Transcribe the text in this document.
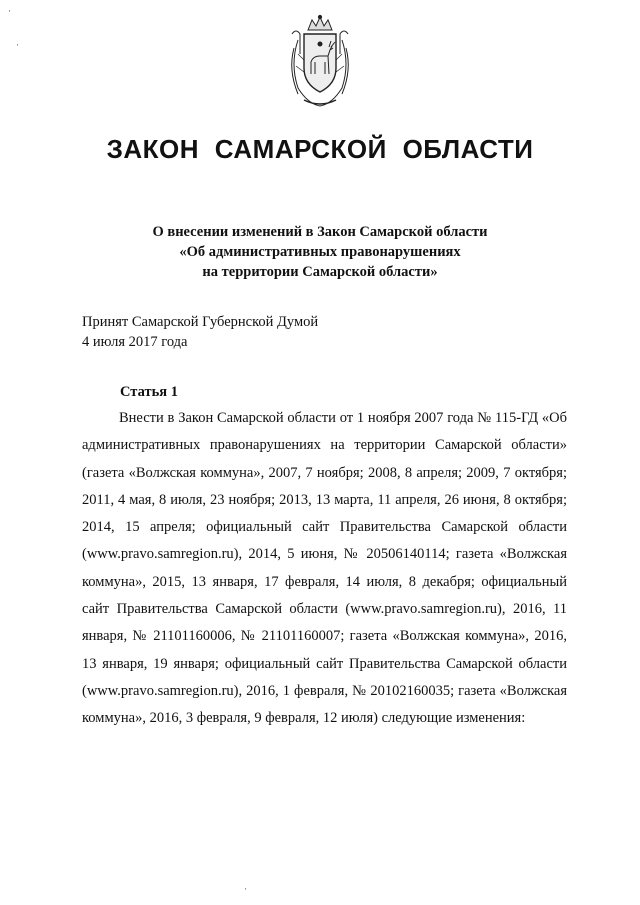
ЗАКОН САМАРСКОЙ ОБЛАСТИ
О внесении изменений в Закон Самарской области
«Об административных правонарушениях
на территории Самарской области»
Принят Самарской Губернской Думой
4 июля 2017 года
Статья 1

Внести в Закон Самарской области от 1 ноября 2007 года № 115-ГД «Об административных правонарушениях на территории Самарской области» (газета «Волжская коммуна», 2007, 7 ноября; 2008, 8 апреля; 2009, 7 октября; 2011, 4 мая, 8 июля, 23 ноября; 2013, 13 марта, 11 апреля, 26 июня, 8 октября; 2014, 15 апреля; официальный сайт Правительства Самарской области (www.pravo.samregion.ru), 2014, 5 июня, № 20506140114; газета «Волжская коммуна», 2015, 13 января, 17 февраля, 14 июля, 8 декабря; официальный сайт Правительства Самарской области (www.pravo.samregion.ru), 2016, 11 января, № 21101160006, № 21101160007; газета «Волжская коммуна», 2016, 13 января, 19 января; официальный сайт Правительства Самарской области (www.pravo.samregion.ru), 2016, 1 февраля, № 20102160035; газета «Волжская коммуна», 2016, 3 февраля, 9 февраля, 12 июля) следующие изменения:

·
·
·
